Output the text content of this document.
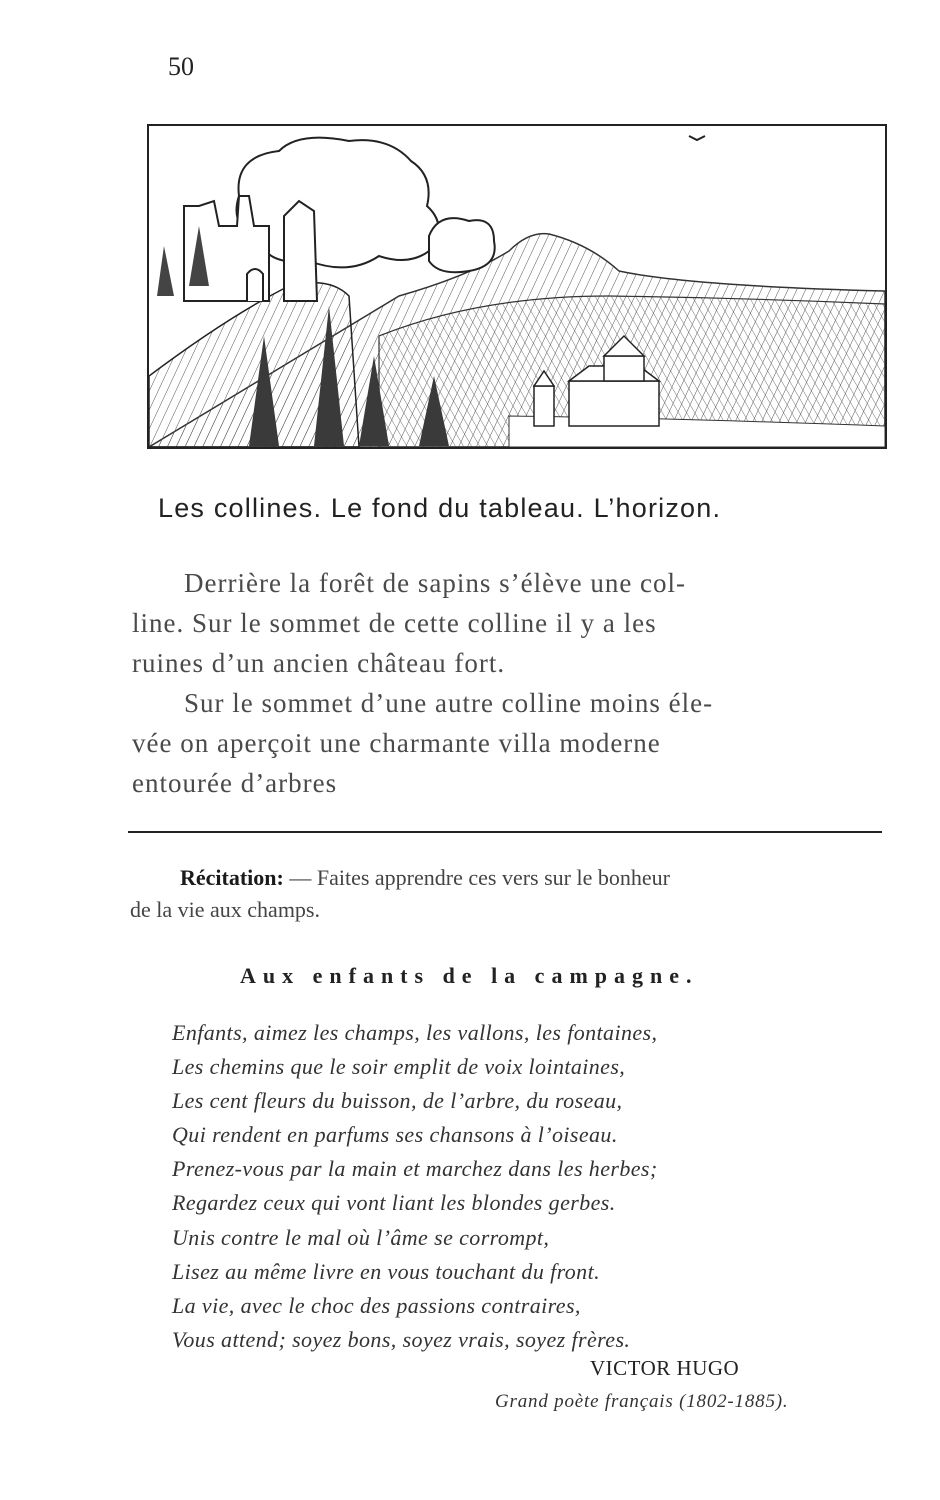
50
Les collines. Le fond du tableau. L’horizon.
Derrière la forêt de sapins s’élève une col-
line. Sur le sommet de cette colline il y a les
ruines d’un ancien château fort.
Sur le sommet d’une autre colline moins éle-
vée on aperçoit une charmante villa moderne
entourée d’arbres
Récitation: — Faites apprendre ces vers sur le bonheur
de la vie aux champs.
Aux enfants de la campagne.
Enfants, aimez les champs, les vallons, les fontaines,
Les chemins que le soir emplit de voix lointaines,
Les cent fleurs du buisson, de l’arbre, du roseau,
Qui rendent en parfums ses chansons à l’oiseau.
Prenez-vous par la main et marchez dans les herbes;
Regardez ceux qui vont liant les blondes gerbes.
Unis contre le mal où l’âme se corrompt,
Lisez au même livre en vous touchant du front.
La vie, avec le choc des passions contraires,
Vous attend; soyez bons, soyez vrais, soyez frères.
VICTOR HUGO
Grand poète français (1802-1885).
